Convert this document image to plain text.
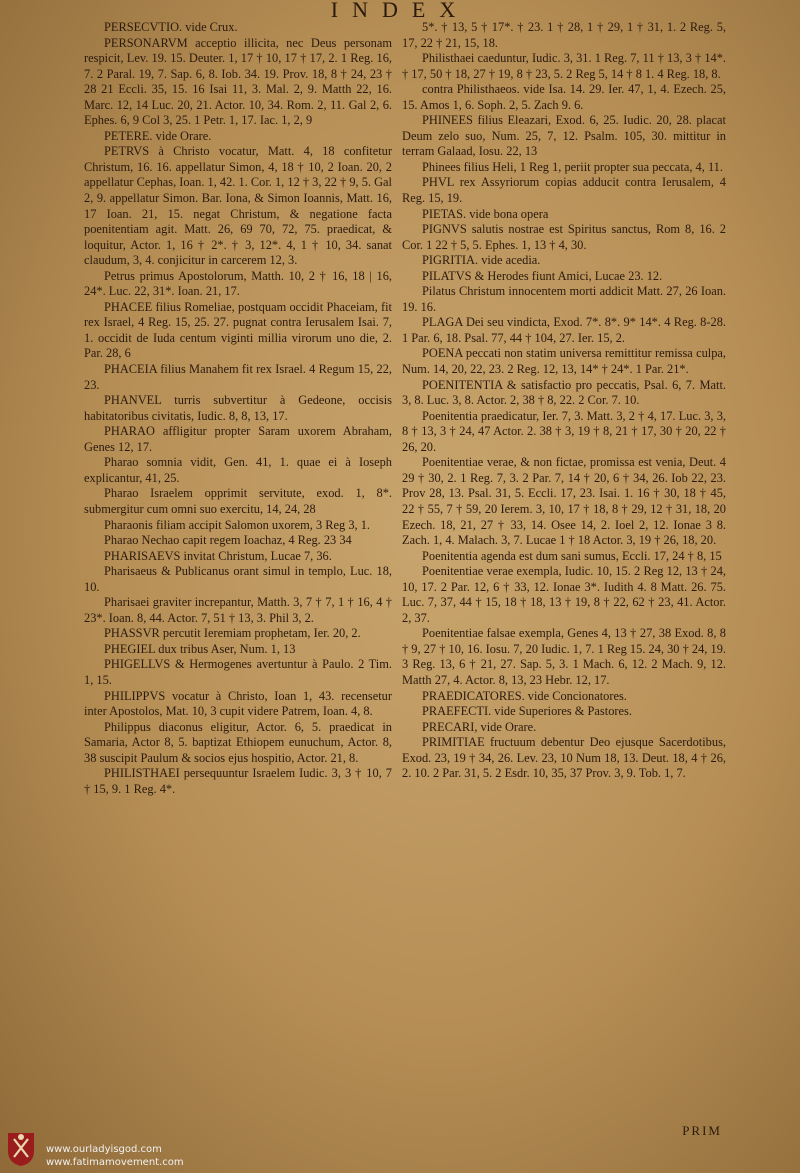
INDEX

PERSECVTIO. vide Crux.

PERSONARVM acceptio illicita, nec Deus personam respicit, Lev. 19. 15. Deuter. 1, 17 † 10, 17 † 17, 2. 1 Reg. 16, 7. 2 Paral. 19, 7. Sap. 6, 8. Iob. 34. 19. Prov. 18, 8 † 24, 23 † 28 21 Eccli. 35, 15. 16 Isai 11, 3. Mal. 2, 9. Matth 22, 16. Marc. 12, 14 Luc. 20, 21. Actor. 10, 34. Rom. 2, 11. Gal 2, 6. Ephes. 6, 9 Col 3, 25. 1 Petr. 1, 17. Iac. 1, 2, 9

PETERE. vide Orare.

PETRVS à Christo vocatur, Matt. 4, 18 confitetur Christum, 16. 16. appellatur Simon, 4, 18 † 10, 2 Ioan. 20, 2 appellatur Cephas, Ioan. 1, 42. 1. Cor. 1, 12 † 3, 22 † 9, 5. Gal 2, 9. appellatur Simon. Bar. Iona, & Simon Ioannis, Matt. 16, 17 Ioan. 21, 15. negat Christum, & negatione facta poenitentiam agit. Matt. 26, 69 70, 72, 75. praedicat, & loquitur, Actor. 1, 16 † 2*. † 3, 12*. 4, 1 † 10, 34. sanat claudum, 3, 4. conjicitur in carcerem 12, 3.

Petrus primus Apostolorum, Matth. 10, 2 † 16, 18 | 16, 24*. Luc. 22, 31*. Ioan. 21, 17.

PHACEE filius Romeliae, postquam occidit Phaceiam, fit rex Israel, 4 Reg. 15, 25. 27. pugnat contra Ierusalem Isai. 7, 1. occidit de Iuda centum viginti millia virorum uno die, 2. Par. 28, 6

PHACEIA filius Manahem fit rex Israel. 4 Regum 15, 22, 23.

PHANVEL turris subvertitur à Gedeone, occisis habitatoribus civitatis, Iudic. 8, 8, 13, 17.

PHARAO affligitur propter Saram uxorem Abraham, Genes 12, 17.

Pharao somnia vidit, Gen. 41, 1. quae ei à Ioseph explicantur, 41, 25.

Pharao Israelem opprimit servitute, exod. 1, 8*. submergitur cum omni suo exercitu, 14, 24, 28

Pharaonis filiam accipit Salomon uxorem, 3 Reg 3, 1.

Pharao Nechao capit regem Ioachaz, 4 Reg. 23 34

PHARISAEVS invitat Christum, Lucae 7, 36.

Pharisaeus & Publicanus orant simul in templo, Luc. 18, 10.

Pharisaei graviter increpantur, Matth. 3, 7 † 7, 1 † 16, 4 † 23*. Ioan. 8, 44. Actor. 7, 51 † 13, 3. Phil 3, 2.

PHASSVR percutit Ieremiam prophetam, Ier. 20, 2.

PHEGIEL dux tribus Aser, Num. 1, 13

PHIGELLVS & Hermogenes avertuntur à Paulo. 2 Tim. 1, 15.

PHILIPPVS vocatur à Christo, Ioan 1, 43. recensetur inter Apostolos, Mat. 10, 3 cupit videre Patrem, Ioan. 4, 8.

Philippus diaconus eligitur, Actor. 6, 5. praedicat in Samaria, Actor 8, 5. baptizat Ethiopem eunuchum, Actor. 8, 38 suscipit Paulum & socios ejus hospitio, Actor. 21, 8.

PHILISTHAEI persequuntur Israelem Iudic. 3, 3 † 10, 7 † 15, 9. 1 Reg. 4*.

5*. † 13, 5 † 17*. † 23. 1 † 28, 1 † 29, 1 † 31, 1. 2 Reg. 5, 17, 22 † 21, 15, 18.

Philisthaei caeduntur, Iudic. 3, 31. 1 Reg. 7, 11 † 13, 3 † 14*. † 17, 50 † 18, 27 † 19, 8 † 23, 5. 2 Reg 5, 14 † 8 1. 4 Reg. 18, 8.

contra Philisthaeos. vide Isa. 14. 29. Ier. 47, 1, 4. Ezech. 25, 15. Amos 1, 6. Soph. 2, 5. Zach 9. 6.

PHINEES filius Eleazari, Exod. 6, 25. Iudic. 20, 28. placat Deum zelo suo, Num. 25, 7, 12. Psalm. 105, 30. mittitur in terram Galaad, Iosu. 22, 13

Phinees filius Heli, 1 Reg 1, periit propter sua peccata, 4, 11.

PHVL rex Assyriorum copias adducit contra Ierusalem, 4 Reg. 15, 19.

PIETAS. vide bona opera

PIGNVS salutis nostrae est Spiritus sanctus, Rom 8, 16. 2 Cor. 1 22 † 5, 5. Ephes. 1, 13 † 4, 30.

PIGRITIA. vide acedia.

PILATVS & Herodes fiunt Amici, Lucae 23. 12.

Pilatus Christum innocentem morti addicit Matt. 27, 26 Ioan. 19. 16.

PLAGA Dei seu vindicta, Exod. 7*. 8*. 9* 14*. 4 Reg. 8-28. 1 Par. 6, 18. Psal. 77, 44 † 104, 27. Ier. 15, 2.

POENA peccati non statim universa remittitur remissa culpa, Num. 14, 20, 22, 23. 2 Reg. 12, 13, 14* † 24*. 1 Par. 21*.

POENITENTIA & satisfactio pro peccatis, Psal. 6, 7. Matt. 3, 8. Luc. 3, 8. Actor. 2, 38 † 8, 22. 2 Cor. 7. 10.

Poenitentia praedicatur, Ier. 7, 3. Matt. 3, 2 † 4, 17. Luc. 3, 3, 8 † 13, 3 † 24, 47 Actor. 2. 38 † 3, 19 † 8, 21 † 17, 30 † 20, 22 † 26, 20.

Poenitentiae verae, & non fictae, promissa est venia, Deut. 4 29 † 30, 2. 1 Reg. 7, 3. 2 Par. 7, 14 † 20, 6 † 34, 26. Iob 22, 23. Prov 28, 13. Psal. 31, 5. Eccli. 17, 23. Isai. 1. 16 † 30, 18 † 45, 22 † 55, 7 † 59, 20 Ierem. 3, 10, 17 † 18, 8 † 29, 12 † 31, 18, 20 Ezech. 18, 21, 27 † 33, 14. Osee 14, 2. Ioel 2, 12. Ionae 3 8. Zach. 1, 4. Malach. 3, 7. Lucae 1 † 18 Actor. 3, 19 † 26, 18, 20.

Poenitentia agenda est dum sani sumus, Eccli. 17, 24 † 8, 15

Poenitentiae verae exempla, Iudic. 10, 15. 2 Reg 12, 13 † 24, 10, 17. 2 Par. 12, 6 † 33, 12. Ionae 3*. Iudith 4. 8 Matt. 26. 75. Luc. 7, 37, 44 † 15, 18 † 18, 13 † 19, 8 † 22, 62 † 23, 41. Actor. 2, 37.

Poenitentiae falsae exempla, Genes 4, 13 † 27, 38 Exod. 8, 8 † 9, 27 † 10, 16. Iosu. 7, 20 Iudic. 1, 7. 1 Reg 15. 24, 30 † 24, 19. 3 Reg. 13, 6 † 21, 27. Sap. 5, 3. 1 Mach. 6, 12. 2 Mach. 9, 12. Matth 27, 4. Actor. 8, 13, 23 Hebr. 12, 17.

PRAEDICATORES. vide Concionatores.

PRAEFECTI. vide Superiores & Pastores.

PRECARI, vide Orare.

PRIMITIAE fructuum debentur Deo ejusque Sacerdotibus, Exod. 23, 19 † 34, 26. Lev. 23, 10 Num 18, 13. Deut. 18, 4 † 26, 2. 10. 2 Par. 31, 5. 2 Esdr. 10, 35, 37 Prov. 3, 9. Tob. 1, 7.

PRIM
www.ourladyisgod.com
www.fatimamovement.com
